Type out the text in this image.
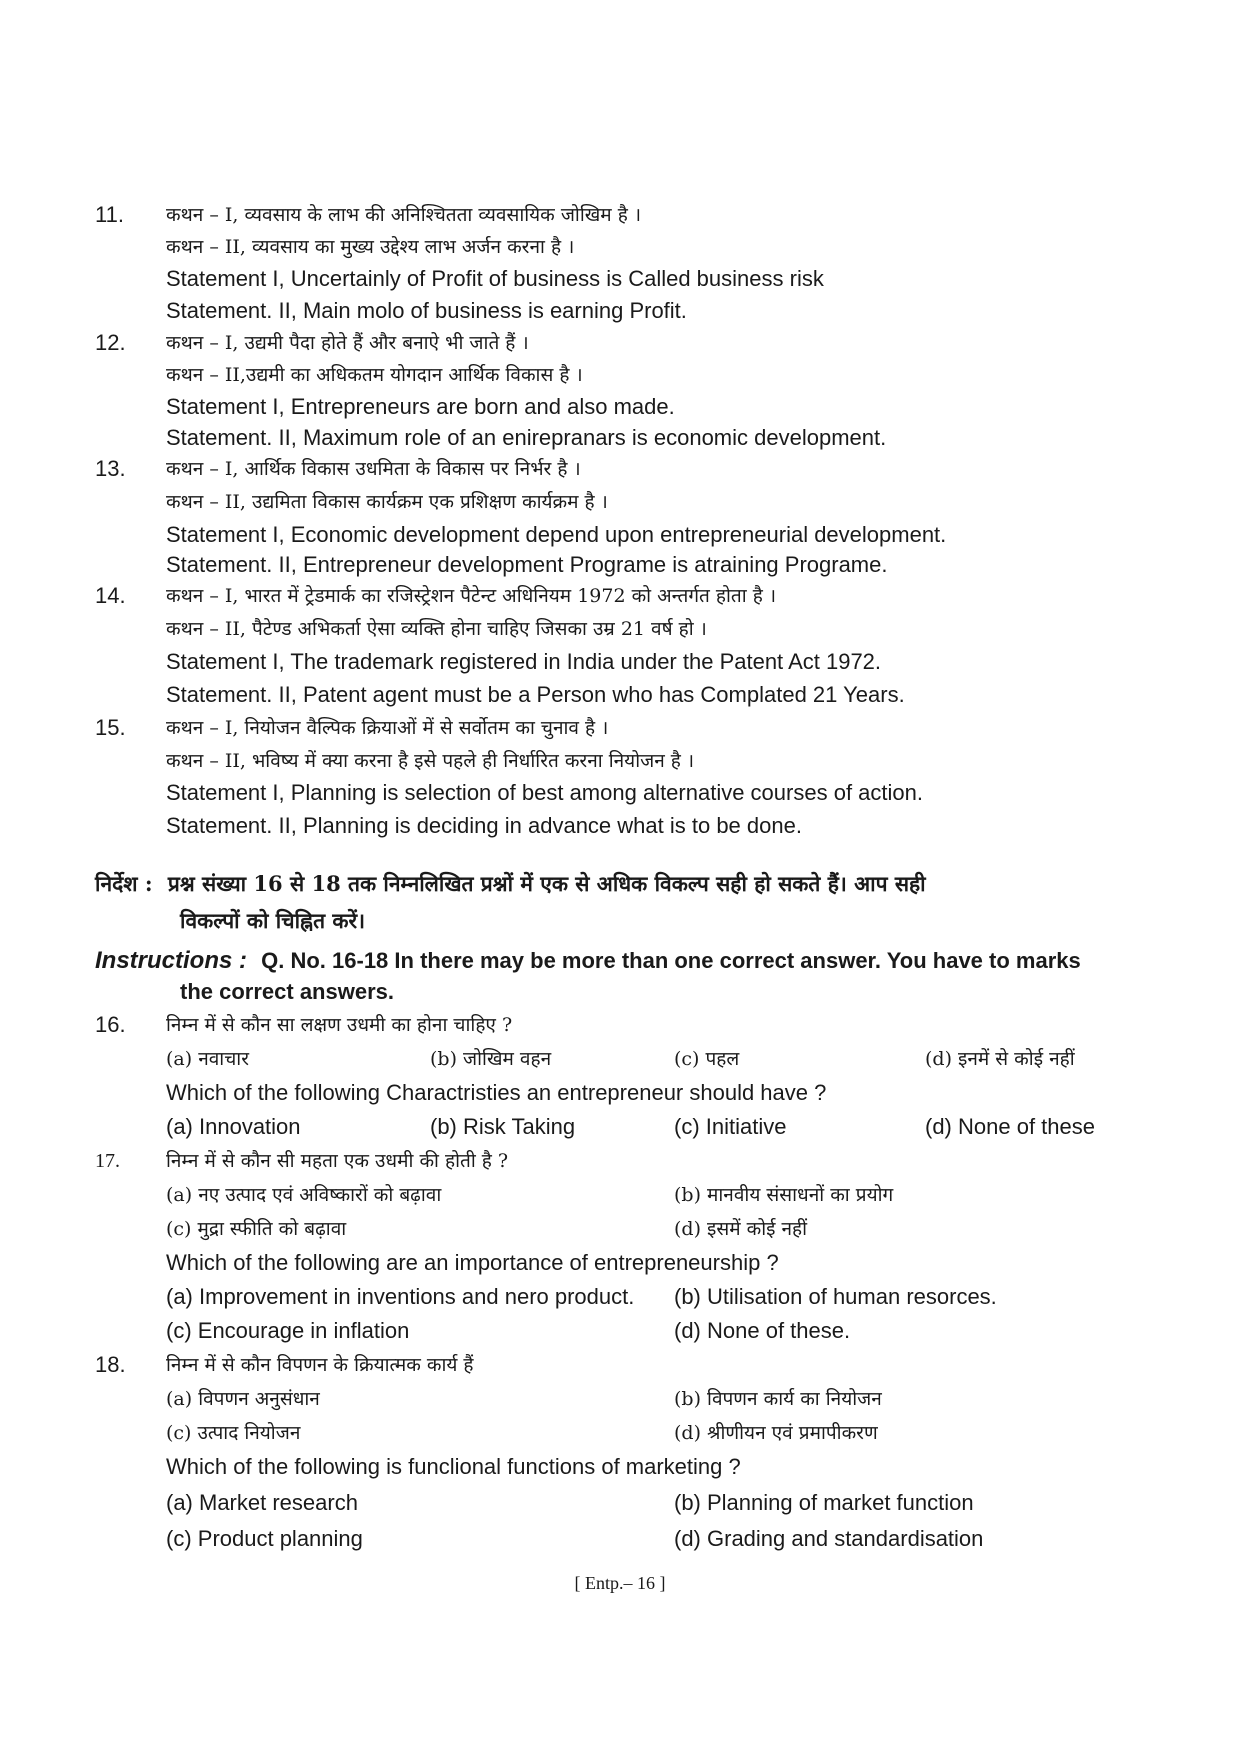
11. कथन – I, व्यवसाय के लाभ की अनिश्चितता व्यवसायिक जोखिम है ।
कथन – II, व्यवसाय का मुख्य उद्देश्य लाभ अर्जन करना है ।
Statement I, Uncertainly of Profit of business is Called business risk
Statement. II, Main molo of business is earning Profit.
12. कथन – I, उद्यमी पैदा होते हैं और बनाऐ भी जाते हैं ।
कथन – II,उद्यमी का अधिकतम योगदान आर्थिक विकास है ।
Statement I, Entrepreneurs are born and also made.
Statement. II, Maximum role of an enirepranars is economic development.
13. कथन – I, आर्थिक विकास उधमिता के विकास पर निर्भर है ।
कथन – II, उद्यमिता विकास कार्यक्रम एक प्रशिक्षण कार्यक्रम है ।
Statement I, Economic development depend upon entrepreneurial development.
Statement. II, Entrepreneur development Programe is atraining Programe.
14. कथन – I, भारत में ट्रेडमार्क का रजिस्ट्रेशन पैटेन्ट अधिनियम 1972 को अन्तर्गत होता है ।
कथन – II, पैटेण्ड अभिकर्ता ऐसा व्यक्ति होना चाहिए जिसका उम्र 21 वर्ष हो ।
Statement I, The trademark registered in India under the Patent Act 1972.
Statement. II, Patent agent must be a Person who has Complated 21 Years.
15. कथन – I, नियोजन वैल्पिक क्रियाओं में से सर्वोतम का चुनाव है ।
कथन – II, भविष्य में क्या करना है इसे पहले ही निर्धारित करना नियोजन है ।
Statement I, Planning is selection of best among alternative courses of action.
Statement. II, Planning is deciding in advance what is to be done.
निर्देश : प्रश्न संख्या 16 से 18 तक निम्नलिखित प्रश्नों में एक से अधिक विकल्प सही हो सकते हैं। आप सही
विकल्पों को चिह्नित करें।
Instructions : Q. No. 16-18 In there may be more than one correct answer. You have to marks
the correct answers.
16. निम्न में से कौन सा लक्षण उधमी का होना चाहिए ?
(a) नवाचार	(b) जोखिम वहन	(c) पहल	(d) इनमें से कोई नहीं
Which of the following Charactristies an entrepreneur should have ?
(a) Innovation	(b) Risk Taking	(c) Initiative	(d) None of these
17. निम्न में से कौन सी महता एक उधमी की होती है ?
(a) नए उत्पाद एवं अविष्कारों को बढ़ावा	(b) मानवीय संसाधनों का प्रयोग
(c) मुद्रा स्फीति को बढ़ावा	(d) इसमें कोई नहीं
Which of the following are an importance of entrepreneurship ?
(a) Improvement in inventions and nero product. (b) Utilisation of human resorces.
(c) Encourage in inflation	(d) None of these.
18. निम्न में से कौन विपणन के क्रियात्मक कार्य हैं
(a) विपणन अनुसंधान	(b) विपणन कार्य का नियोजन
(c) उत्पाद नियोजन	(d) श्रीणीयन एवं प्रमापीकरण
Which of the following is funclional functions of marketing ?
(a) Market research	(b) Planning of market function
(c) Product planning	(d) Grading and standardisation
[ Entp.– 16 ]
